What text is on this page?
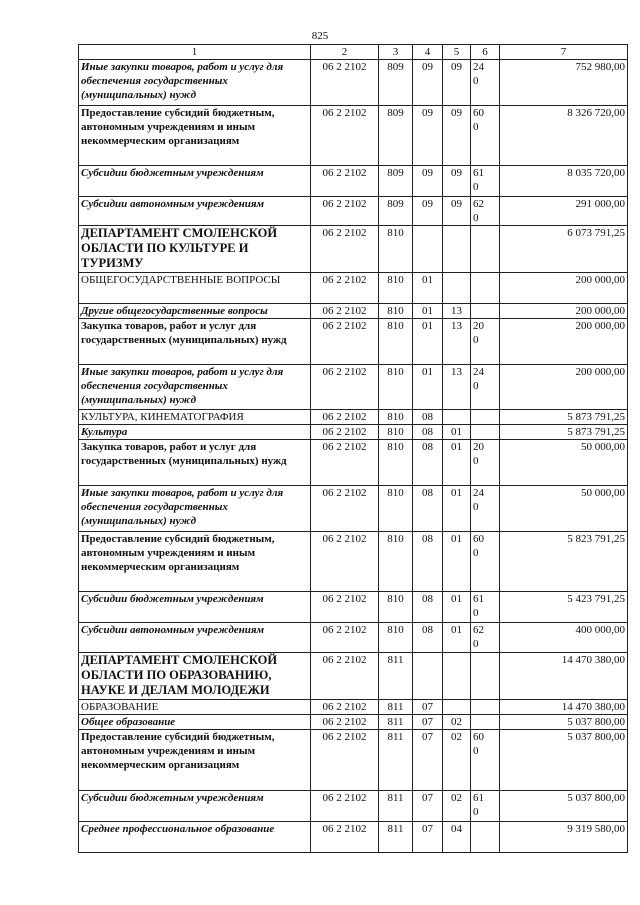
825
1	2	3	4	5	6	7
Иные закупки товаров, работ и услуг для обеспечения государственных (муниципальных) нужд	06 2 2102	809	09	09	240	752 980,00
Предоставление субсидий бюджетным, автономным учреждениям и иным некоммерческим организациям	06 2 2102	809	09	09	600	8 326 720,00
Субсидии бюджетным учреждениям	06 2 2102	809	09	09	610	8 035 720,00
Субсидии автономным учреждениям	06 2 2102	809	09	09	620	291 000,00
ДЕПАРТАМЕНТ СМОЛЕНСКОЙ ОБЛАСТИ ПО КУЛЬТУРЕ И ТУРИЗМУ	06 2 2102	810				6 073 791,25
ОБЩЕГОСУДАРСТВЕННЫЕ ВОПРОСЫ	06 2 2102	810	01			200 000,00
Другие общегосударственные вопросы	06 2 2102	810	01	13		200 000,00
Закупка товаров, работ и услуг для государственных (муниципальных) нужд	06 2 2102	810	01	13	200	200 000,00
Иные закупки товаров, работ и услуг для обеспечения государственных (муниципальных) нужд	06 2 2102	810	01	13	240	200 000,00
КУЛЬТУРА, КИНЕМАТОГРАФИЯ	06 2 2102	810	08			5 873 791,25
Культура	06 2 2102	810	08	01		5 873 791,25
Закупка товаров, работ и услуг для государственных (муниципальных) нужд	06 2 2102	810	08	01	200	50 000,00
Иные закупки товаров, работ и услуг для обеспечения государственных (муниципальных) нужд	06 2 2102	810	08	01	240	50 000,00
Предоставление субсидий бюджетным, автономным учреждениям и иным некоммерческим организациям	06 2 2102	810	08	01	600	5 823 791,25
Субсидии бюджетным учреждениям	06 2 2102	810	08	01	610	5 423 791,25
Субсидии автономным учреждениям	06 2 2102	810	08	01	620	400 000,00
ДЕПАРТАМЕНТ СМОЛЕНСКОЙ ОБЛАСТИ ПО ОБРАЗОВАНИЮ, НАУКЕ И ДЕЛАМ МОЛОДЕЖИ	06 2 2102	811				14 470 380,00
ОБРАЗОВАНИЕ	06 2 2102	811	07			14 470 380,00
Общее образование	06 2 2102	811	07	02		5 037 800,00
Предоставление субсидий бюджетным, автономным учреждениям и иным некоммерческим организациям	06 2 2102	811	07	02	600	5 037 800,00
Субсидии бюджетным учреждениям	06 2 2102	811	07	02	610	5 037 800,00
Среднее профессиональное образование	06 2 2102	811	07	04		9 319 580,00
